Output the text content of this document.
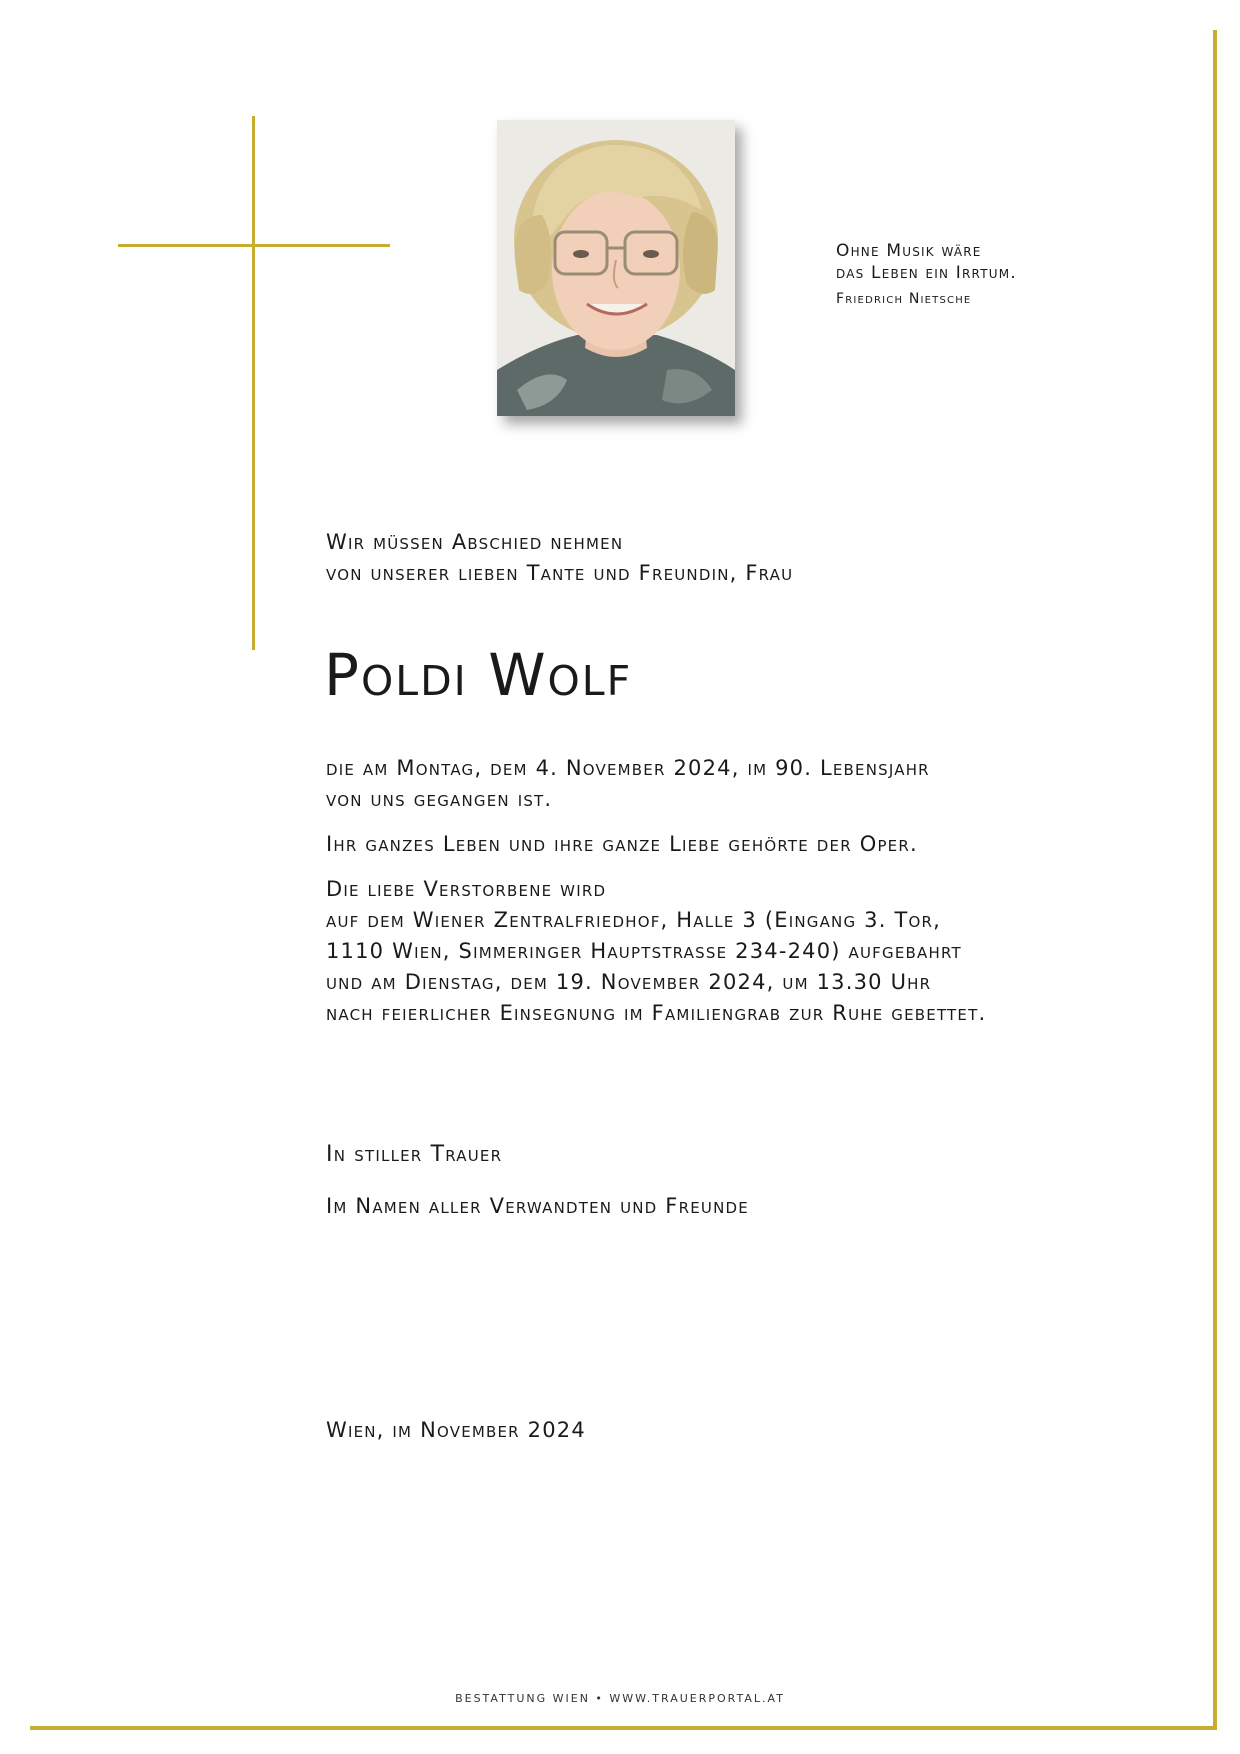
Ohne Musik wäre
das Leben ein Irrtum.
Friedrich Nietsche
Wir müssen Abschied nehmen
von unserer lieben Tante und Freundin, Frau
Poldi Wolf

die am Montag, dem 4. November 2024, im 90. Lebensjahr
von uns gegangen ist.

Ihr ganzes Leben und ihre ganze Liebe gehörte der Oper.

Die liebe Verstorbene wird
auf dem Wiener Zentralfriedhof, Halle 3 (Eingang 3. Tor,
1110 Wien, Simmeringer Hauptstrasse 234-240) aufgebahrt
und am Dienstag, dem 19. November 2024, um 13.30 Uhr
nach feierlicher Einsegnung im Familiengrab zur Ruhe gebettet.

In stiller Trauer
Im Namen aller Verwandten und Freunde
Wien, im November 2024
BESTATTUNG WIEN • WWW.TRAUERPORTAL.AT
